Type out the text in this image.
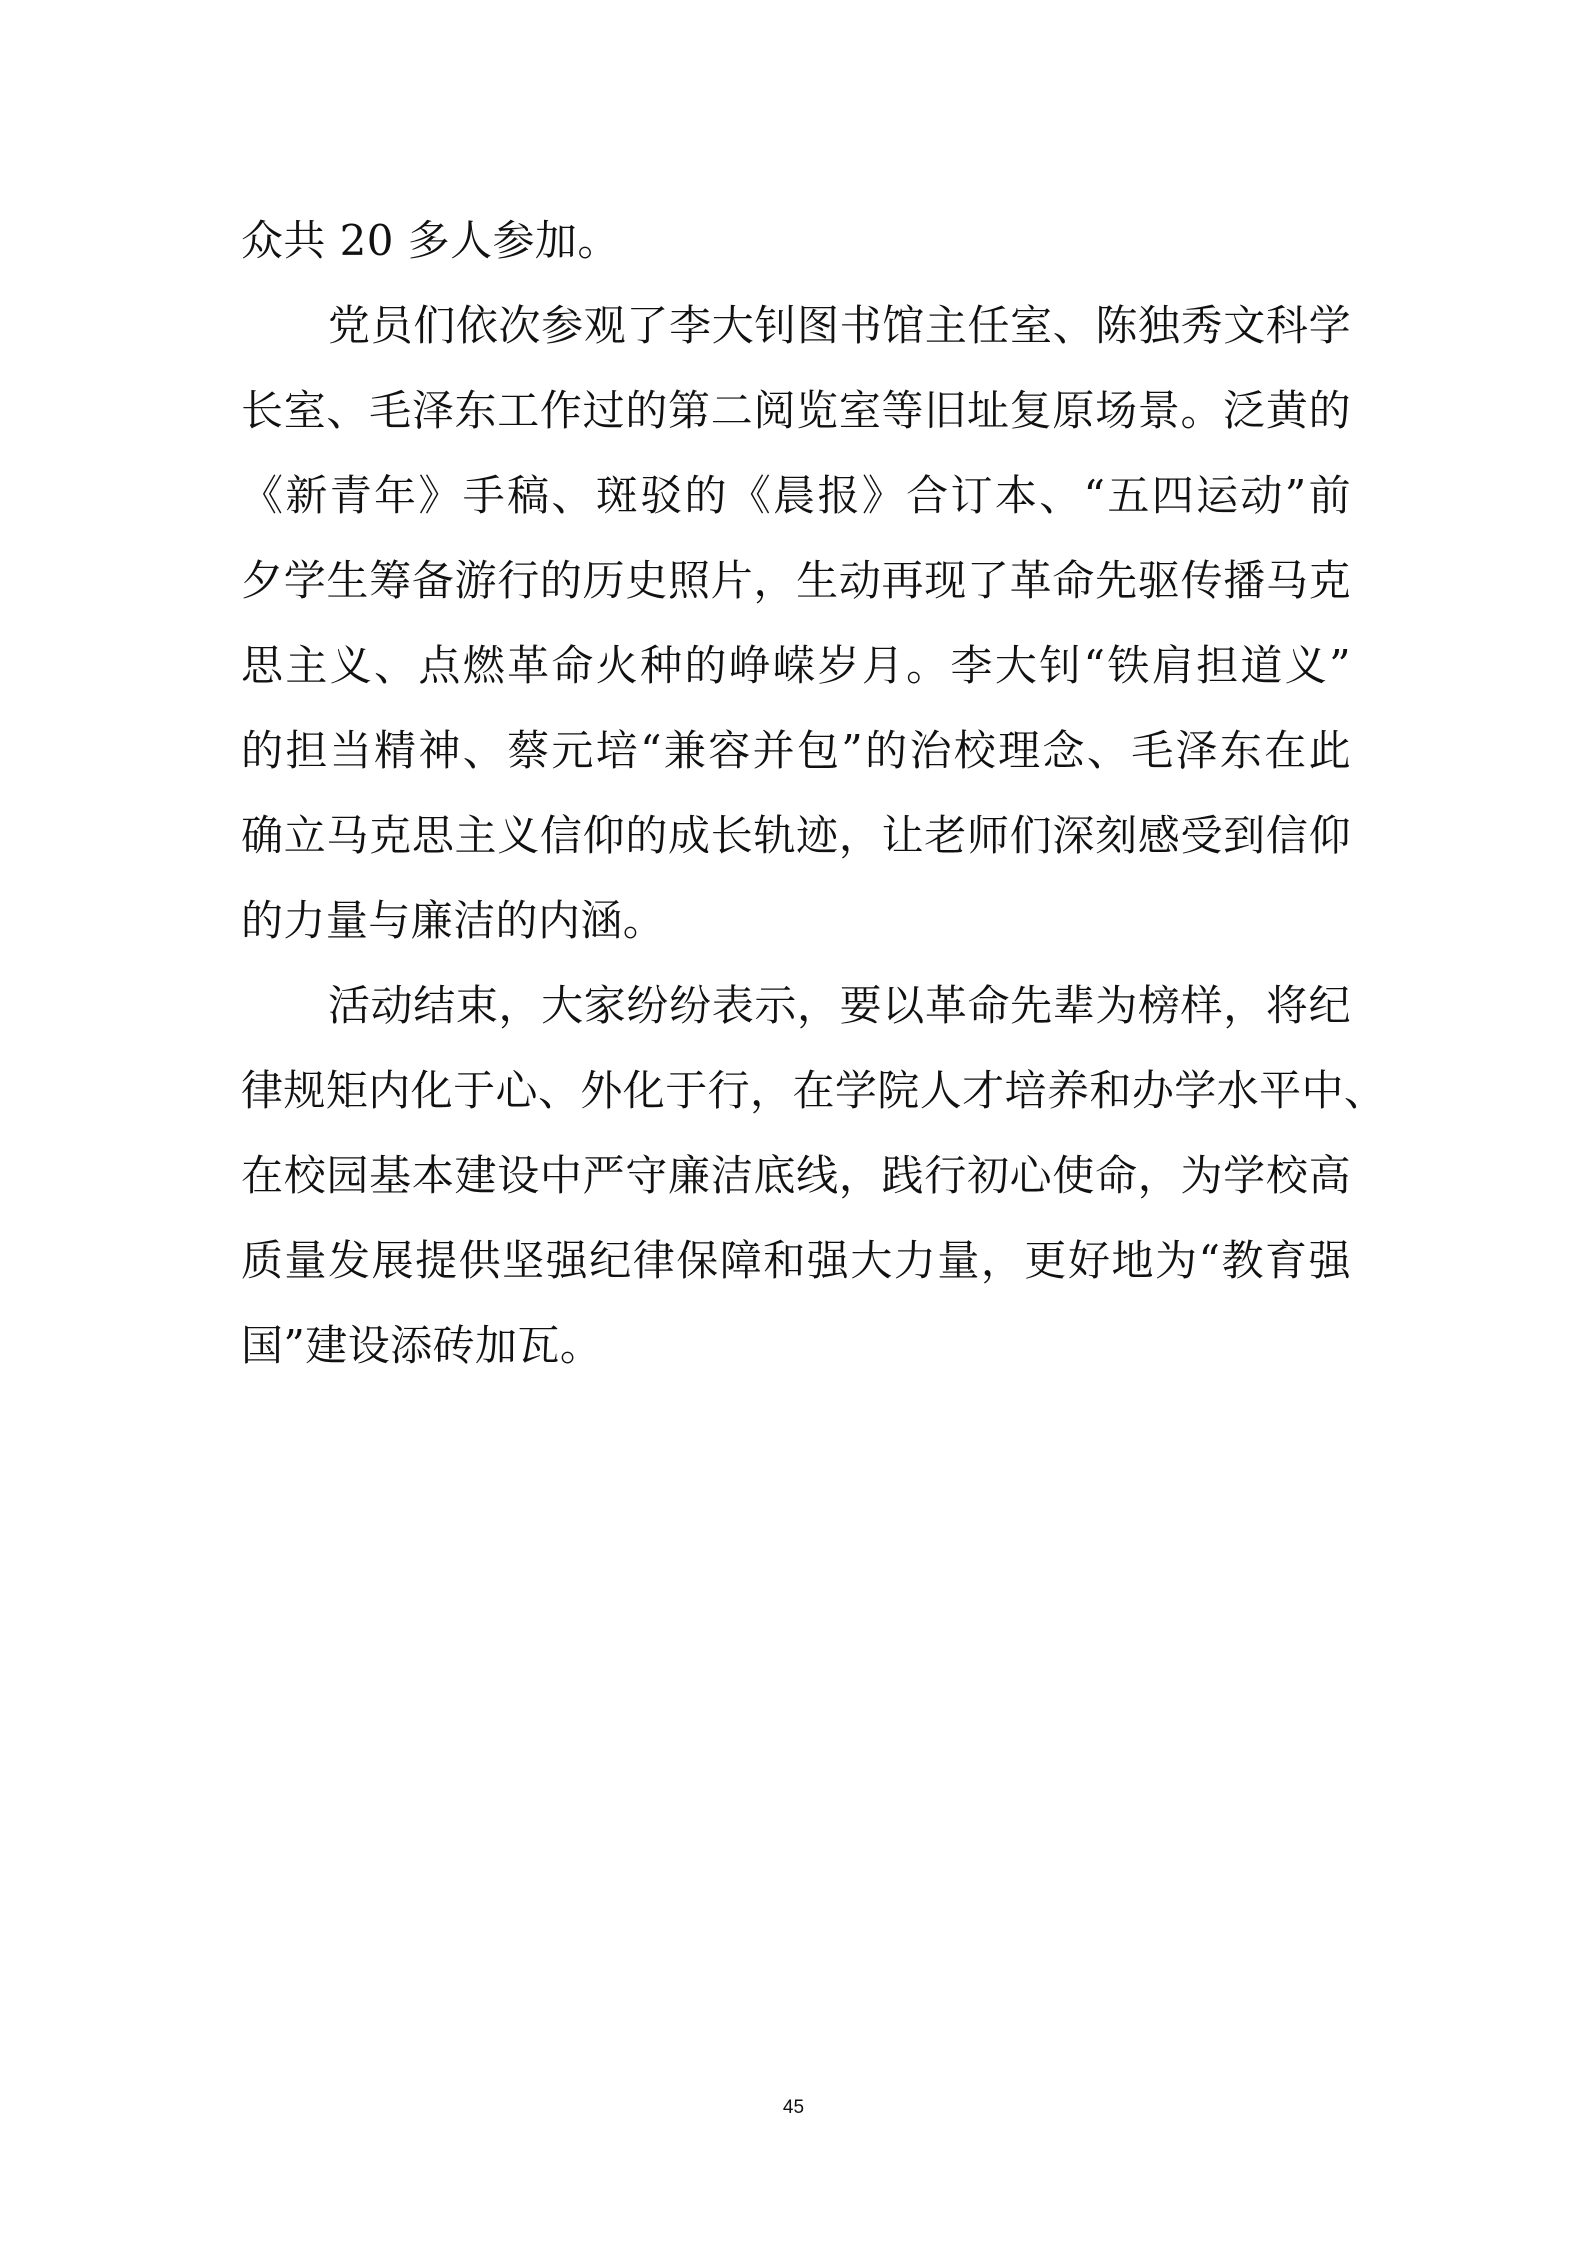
众共 20 多人参加。
党员们依次参观了李大钊图书馆主任室、陈独秀文科学
长室、毛泽东工作过的第二阅览室等旧址复原场景。泛黄的
《新青年》手稿、斑驳的《晨报》合订本、“五四运动”前
夕学生筹备游行的历史照片，生动再现了革命先驱传播马克
思主义、点燃革命火种的峥嵘岁月。李大钊“铁肩担道义”
的担当精神、蔡元培“兼容并包”的治校理念、毛泽东在此
确立马克思主义信仰的成长轨迹，让老师们深刻感受到信仰
的力量与廉洁的内涵。
活动结束，大家纷纷表示，要以革命先辈为榜样，将纪
律规矩内化于心、外化于行，在学院人才培养和办学水平中、
在校园基本建设中严守廉洁底线，践行初心使命，为学校高
质量发展提供坚强纪律保障和强大力量，更好地为“教育强
国”建设添砖加瓦。
45
